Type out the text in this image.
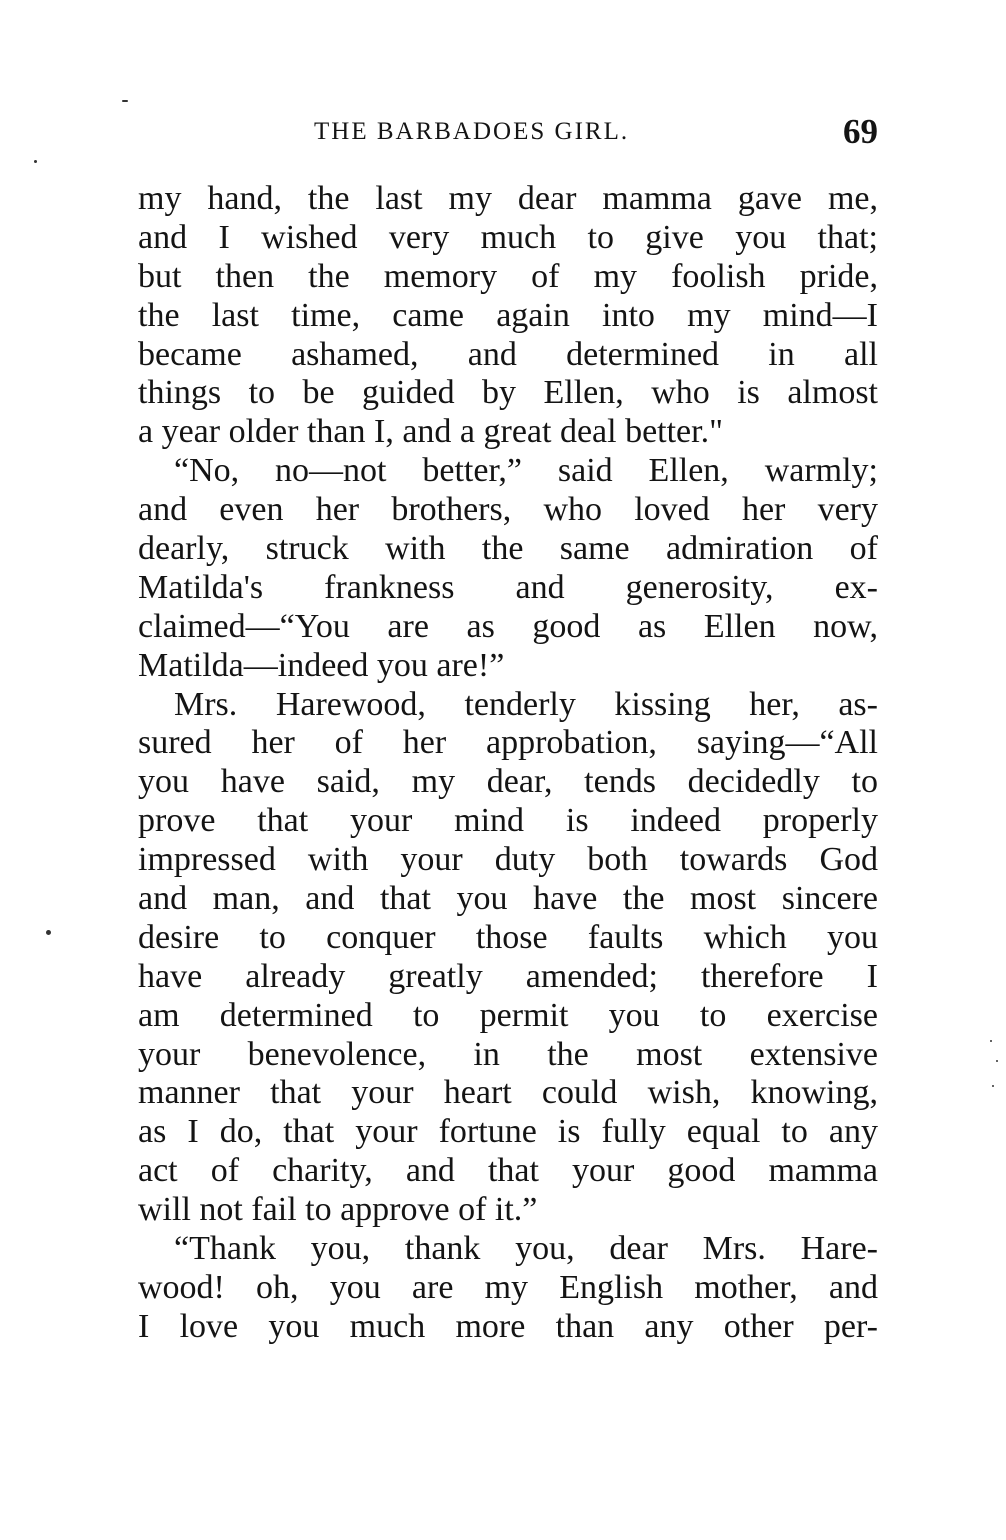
THE BARBADOES GIRL.	69
my hand, the last my dear mamma gave me,
and I wished very much to give you that;
but then the memory of my foolish pride,
the last time, came again into my mind—I
became ashamed, and determined in all
things to be guided by Ellen, who is almost
a year older than I, and a great deal better."
“No, no—not better,” said Ellen, warmly;
and even her brothers, who loved her very
dearly, struck with the same admiration of
Matilda's frankness and generosity, ex-
claimed—“You are as good as Ellen now,
Matilda—indeed you are!”
Mrs. Harewood, tenderly kissing her, as-
sured her of her approbation, saying—“All
you have said, my dear, tends decidedly to
prove that your mind is indeed properly
impressed with your duty both towards God
and man, and that you have the most sincere
desire to conquer those faults which you
have already greatly amended; therefore I
am determined to permit you to exercise
your benevolence, in the most extensive
manner that your heart could wish, knowing,
as I do, that your fortune is fully equal to any
act of charity, and that your good mamma
will not fail to approve of it.”
“Thank you, thank you, dear Mrs. Hare-
wood! oh, you are my English mother, and
I love you much more than any other per-
